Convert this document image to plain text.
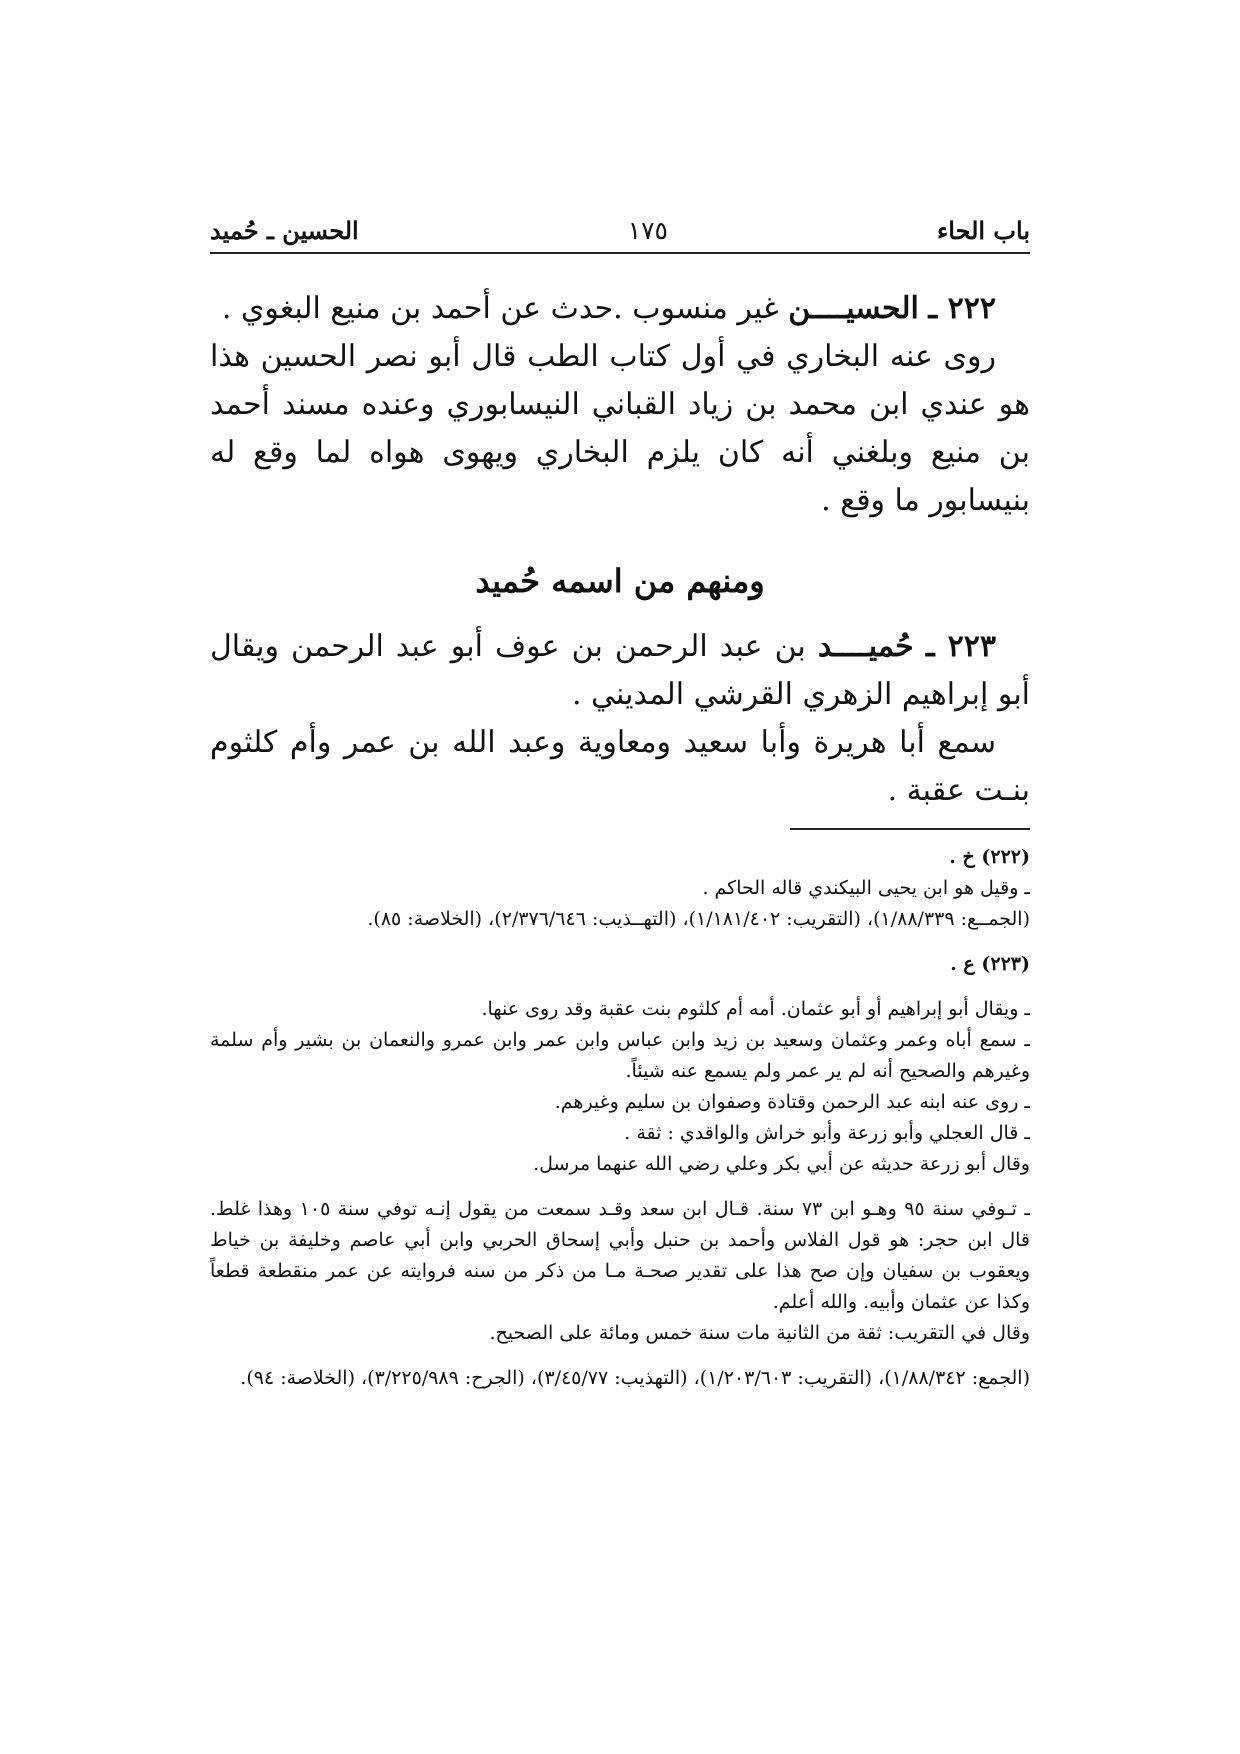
باب الحاء
١٧٥
الحسين ـ حُميد

٢٢٢ ـ الحسيــــن غير منسوب .حدث عن أحمد بن منيع البغوي .

روى عنه البخاري في أول كتاب الطب قال أبو نصر الحسين هذا هو عندي ابن محمد بن زياد القباني النيسابوري وعنده مسند أحمد بن منيع وبلغني أنه كان يلزم البخاري ويهوى هواه لما وقع له بنيسابور ما وقع .

ومنهم من اسمه حُميد

٢٢٣ ـ حُميــــد بن عبد الرحمن بن عوف أبو عبد الرحمن ويقال أبو إبراهيم الزهري القرشي المديني .

سمع أبا هريرة وأبا سعيد ومعاوية وعبد الله بن عمر وأم كلثوم بنـت عقبة .

(٢٢٢) خ .

ـ وقيل هو ابن يحيى البيكندي قاله الحاكم .

(الجمــع: ١/٨٨/٣٣٩)، (التقريب: ١/١٨١/٤٠٢)، (التهــذيب: ٢/٣٧٦/٦٤٦)، (الخلاصة: ٨٥).

(٢٢٣) ع .

ـ ويقال أبو إبراهيم أو أبو عثمان. أمه أم كلثوم بنت عقبة وقد روى عنها.

ـ سمع أباه وعمر وعثمان وسعيد بن زيد وابن عباس وابن عمر وابن عمرو والنعمان بن بشير وأم سلمة وغيرهم والصحيح أنه لم ير عمر ولم يسمع عنه شيئاً.

ـ روى عنه ابنه عبد الرحمن وقتادة وصفوان بن سليم وغيرهم.

ـ قال العجلي وأبو زرعة وأبو خراش والواقدي : ثقة .

وقال أبو زرعة حديثه عن أبي بكر وعلي رضي الله عنهما مرسل.

ـ تـوفي سنة ٩٥ وهـو ابن ٧٣ سنة. قـال ابن سعد وقـد سمعت من يقول إنـه توفي سنة ١٠٥ وهذا غلط. قال ابن حجر: هو قول الفلاس وأحمد بن حنبل وأبي إسحاق الحربي وابن أبي عاصم وخليفة بن خياط ويعقوب بن سفيان وإن صح هذا على تقدير صحـة مـا من ذكر من سنه فروايته عن عمر منقطعة قطعاً وكذا عن عثمان وأبيه. والله أعلم.

وقال في التقريب: ثقة من الثانية مات سنة خمس ومائة على الصحيح.

(الجمع: ١/٨٨/٣٤٢)، (التقريب: ١/٢٠٣/٦٠٣)، (التهذيب: ٣/٤٥/٧٧)، (الجرح: ٣/٢٢٥/٩٨٩)، (الخلاصة: ٩٤).
